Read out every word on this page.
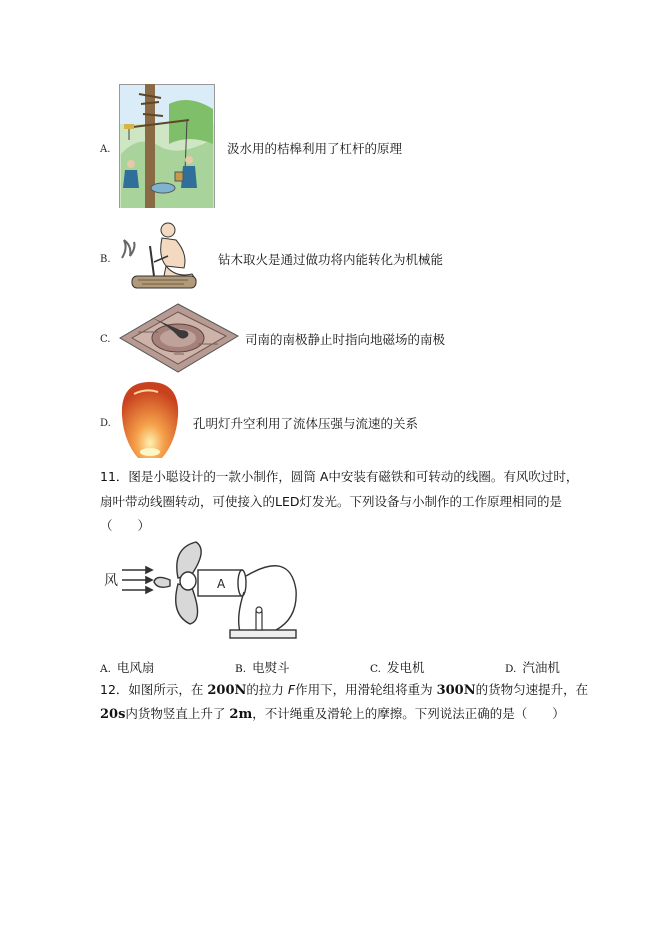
A.	汲水用的桔槔利用了杠杆的原理
B.	钻木取火是通过做功将内能转化为机械能
C.	司南的南极静止时指向地磁场的南极
D.	孔明灯升空利用了流体压强与流速的关系
11．图是小聪设计的一款小制作，圆筒 A中安装有磁铁和可转动的线圈。有风吹过时，
扇叶带动线圈转动，可使接入的LED灯发光。下列设备与小制作的工作原理相同的是
（　　）
风	A
A. 电风扇	B. 电熨斗	C. 发电机	D. 汽油机
12．如图所示，在 200N的拉力 F作用下，用滑轮组将重为 300N的货物匀速提升，在
20s内货物竖直上升了 2m，不计绳重及滑轮上的摩擦。下列说法正确的是（　　）
